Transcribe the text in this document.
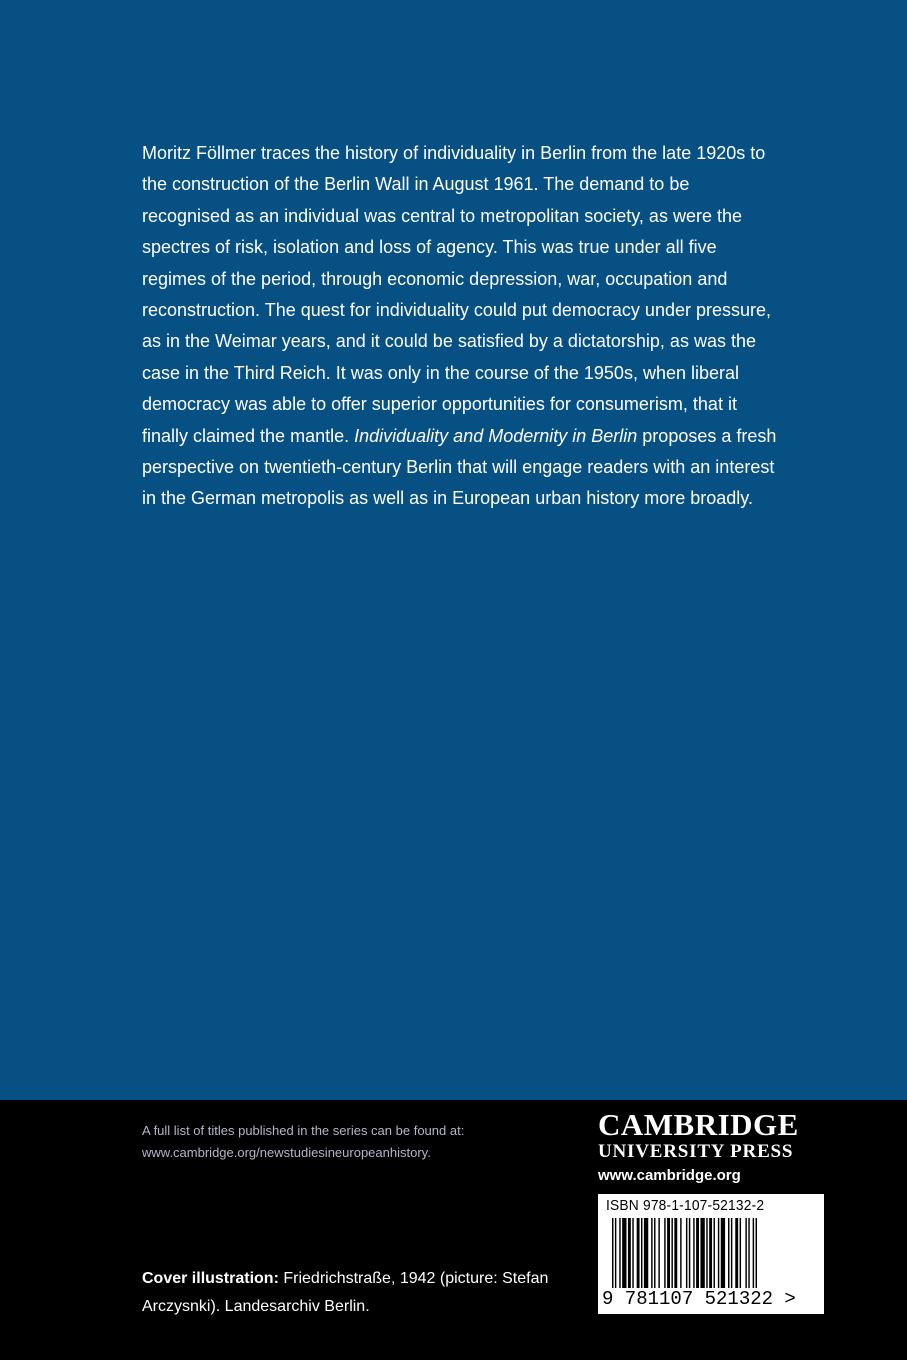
Moritz Föllmer traces the history of individuality in Berlin from the late 1920s to the construction of the Berlin Wall in August 1961. The demand to be recognised as an individual was central to metropolitan society, as were the spectres of risk, isolation and loss of agency. This was true under all five regimes of the period, through economic depression, war, occupation and reconstruction. The quest for individuality could put democracy under pressure, as in the Weimar years, and it could be satisfied by a dictatorship, as was the case in the Third Reich. It was only in the course of the 1950s, when liberal democracy was able to offer superior opportunities for consumerism, that it finally claimed the mantle. Individuality and Modernity in Berlin proposes a fresh perspective on twentieth-century Berlin that will engage readers with an interest in the German metropolis as well as in European urban history more broadly.

A full list of titles published in the series can be found at:
www.cambridge.org/newstudiesineuropeanhistory.
Cover illustration: Friedrichstraße, 1942 (picture: Stefan Arczysnki). Landesarchiv Berlin.
CAMBRIDGE
UNIVERSITY PRESS
www.cambridge.org
ISBN 978-1-107-52132-2
9 781107 521322 >
